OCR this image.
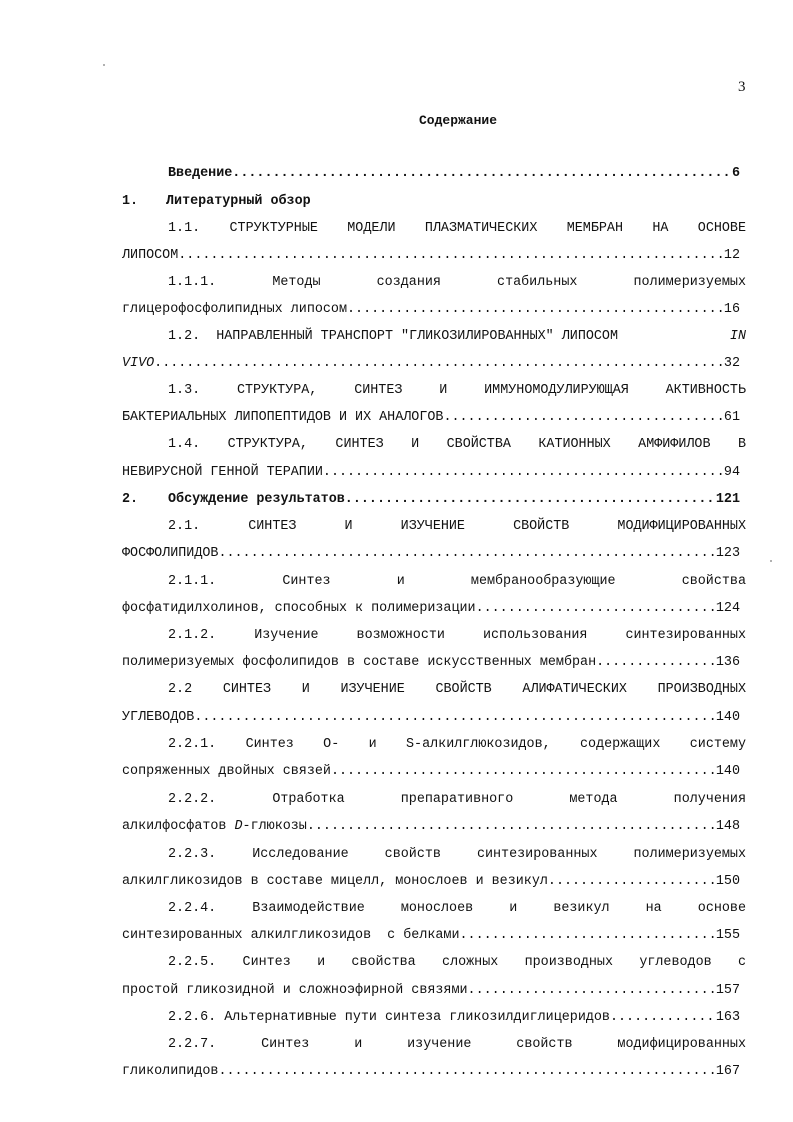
3
Содержание
Введение .....	6
1. Литературный обзор
1.1. СТРУКТУРНЫЕ МОДЕЛИ ПЛАЗМАТИЧЕСКИХ МЕМБРАН НА ОСНОВЕ
ЛИПОСОМ .....	12
1.1.1. Методы создания стабильных полимеризуемых
глицерофосфолипидных липосом .....	16
1.2.  НАПРАВЛЕННЫЙ ТРАНСПОРТ "ГЛИКОЗИЛИРОВАННЫХ" ЛИПОСОМ	IN
VIVO .....	32
1.3. СТРУКТУРА, СИНТЕЗ И ИММУНОМОДУЛИРУЮЩАЯ АКТИВНОСТЬ
БАКТЕРИАЛЬНЫХ ЛИПОПЕПТИДОВ И ИХ АНАЛОГОВ .....	61
1.4. СТРУКТУРА, СИНТЕЗ И СВОЙСТВА КАТИОННЫХ АМФИФИЛОВ В
НЕВИРУСНОЙ ГЕННОЙ ТЕРАПИИ .....	94
2.	Обсуждение результатов .....	121
2.1. СИНТЕЗ И ИЗУЧЕНИЕ СВОЙСТВ МОДИФИЦИРОВАННЫХ
ФОСФОЛИПИДОВ .....	123
2.1.1. Синтез и мембранообразующие свойства
фосфатидилхолинов, способных к полимеризации .....	124
2.1.2. Изучение возможности использования синтезированных
полимеризуемых фосфолипидов в составе искусственных мембран .....	136
2.2 СИНТЕЗ И ИЗУЧЕНИЕ СВОЙСТВ АЛИФАТИЧЕСКИХ ПРОИЗВОДНЫХ
УГЛЕВОДОВ .....	140
2.2.1. Синтез O- и S-алкилглюкозидов, содержащих систему
сопряженных двойных связей .....	140
2.2.2. Отработка препаративного метода получения
алкилфосфатов D -глюкозы .....	148
2.2.3. Исследование свойств синтезированных полимеризуемых
алкилгликозидов в составе мицелл, монослоев и везикул .....	150
2.2.4. Взаимодействие монослоев и везикул на основе
синтезированных алкилгликозидов  с белками .....	155
2.2.5. Синтез и свойства сложных производных углеводов с
простой гликозидной и сложноэфирной связями .....	157
2.2.6. Альтернативные пути синтеза гликозилдиглицеридов .....	163
2.2.7. Синтез и изучение свойств модифицированных
гликолипидов .....	167
